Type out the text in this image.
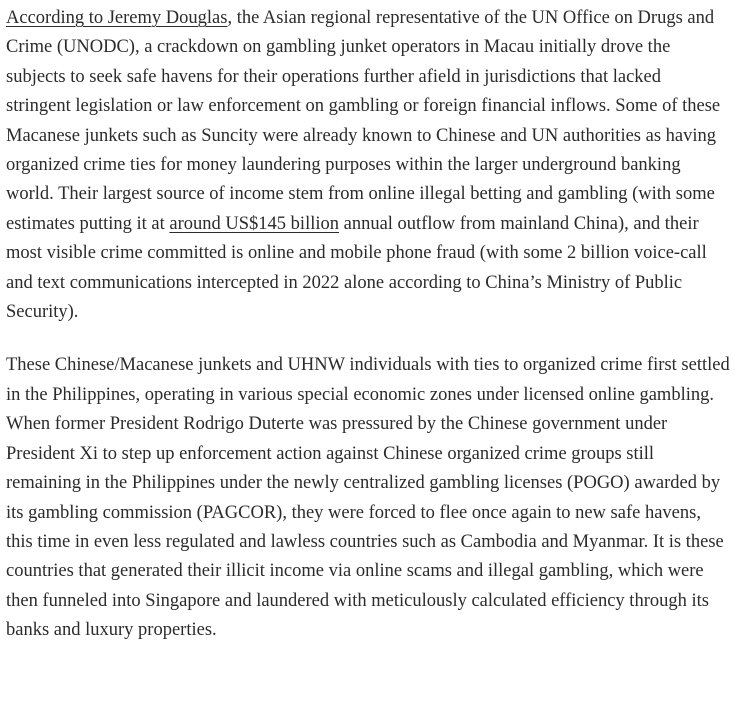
According to Jeremy Douglas, the Asian regional representative of the UN Office on Drugs and Crime (UNODC), a crackdown on gambling junket operators in Macau initially drove the subjects to seek safe havens for their operations further afield in jurisdictions that lacked stringent legislation or law enforcement on gambling or foreign financial inflows. Some of these Macanese junkets such as Suncity were already known to Chinese and UN authorities as having organized crime ties for money laundering purposes within the larger underground banking world. Their largest source of income stem from online illegal betting and gambling (with some estimates putting it at around US$145 billion annual outflow from mainland China), and their most visible crime committed is online and mobile phone fraud (with some 2 billion voice-call and text communications intercepted in 2022 alone according to China’s Ministry of Public Security).

These Chinese/Macanese junkets and UHNW individuals with ties to organized crime first settled in the Philippines, operating in various special economic zones under licensed online gambling. When former President Rodrigo Duterte was pressured by the Chinese government under President Xi to step up enforcement action against Chinese organized crime groups still remaining in the Philippines under the newly centralized gambling licenses (POGO) awarded by its gambling commission (PAGCOR), they were forced to flee once again to new safe havens, this time in even less regulated and lawless countries such as Cambodia and Myanmar. It is these countries that generated their illicit income via online scams and illegal gambling, which were then funneled into Singapore and laundered with meticulously calculated efficiency through its banks and luxury properties.
